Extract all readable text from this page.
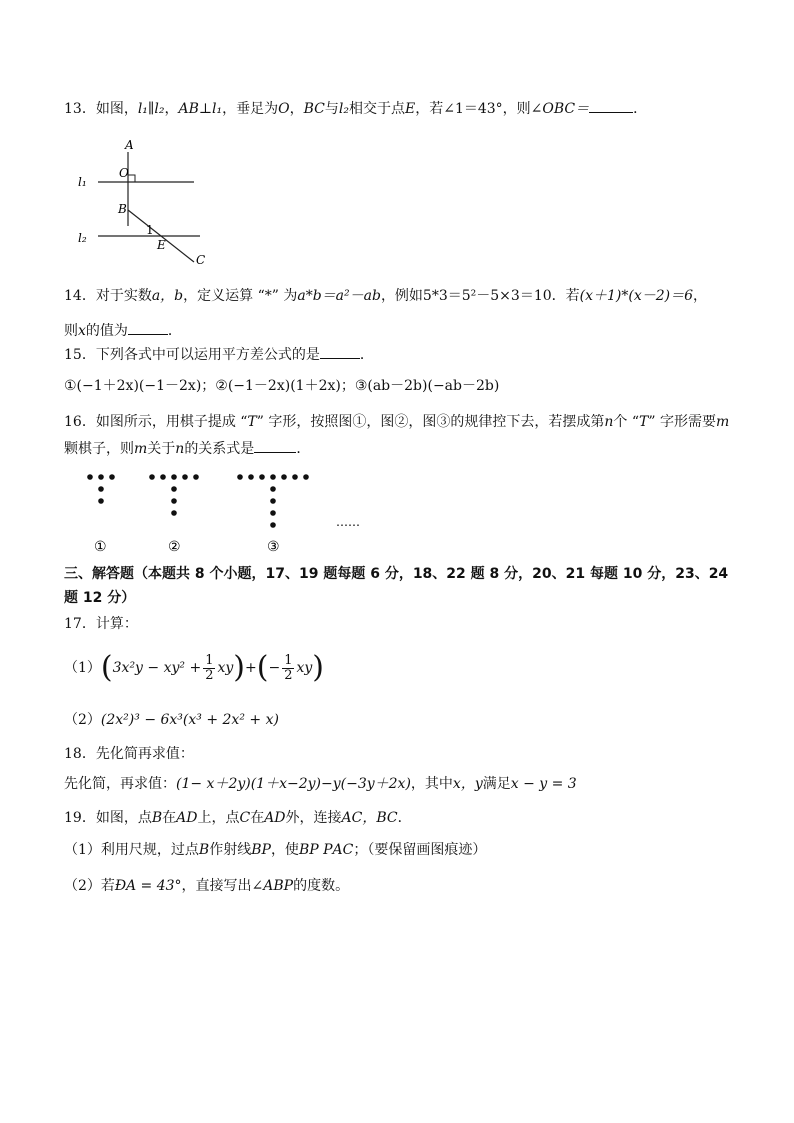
13．如图，l₁∥l₂，AB⊥l₁，垂足为O，BC与l₂相交于点E，若∠1＝43°，则∠OBC＝	．
A
O
l₁
B
l₂
1
E
C
14．对于实数a，b，定义运算 “*” 为a*b＝a²－ab，例如5*3＝5²－5×3＝10．若(x＋1)*(x－2)＝6，
则x的值为	．
15．下列各式中可以运用平方差公式的是	．
①(−1＋2x)(−1－2x)；②(−1－2x)(1＋2x)；③(ab－2b)(−ab－2b)
16．如图所示，用棋子提成 “T” 字形，按照图①，图②，图③的规律控下去，若摆成第n个 “T” 字形需要m
颗棋子，则m关于n的关系式是	．
……
①	②	③
三、解答题（本题共 8 个小题，17、19 题每题 6 分，18、22 题 8 分，20、21 每题 10 分，23、24
题 12 分）
17．计算：
$(1)(3x^2y - xy^2 + \frac{1}{2} xy)+(- \frac{1}{2} xy)$
（2）(2x²)³ − 6x³(x³ + 2x² + x)
18．先化简再求值：
先化简，再求值：(1− x＋2y)(1＋x−2y)−y(−3y＋2x)，其中x，y满足x − y = 3
19．如图，点B在AD上，点C在AD外，连接AC，BC．
（1）利用尺规，过点B作射线BP，使BP ΡAC；（要保留画图痕迹）
（2）若ÐA = 43°，直接写出∠ABP的度数。
